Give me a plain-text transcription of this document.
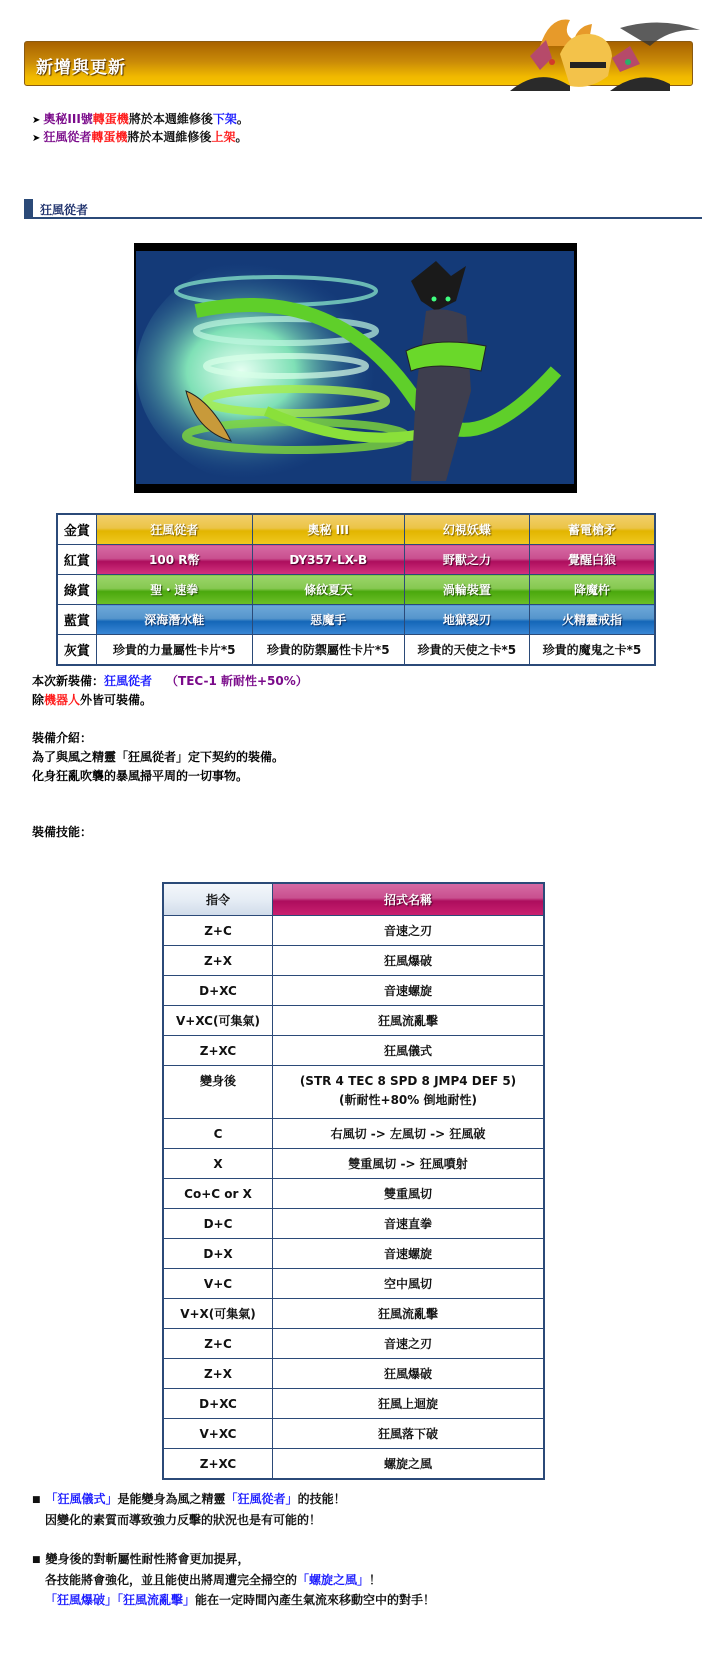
新增與更新
➤ 奧秘III號轉蛋機將於本週維修後下架。
➤ 狂風從者轉蛋機將於本週維修後上架。
狂風從者
金賞	狂風從者	奧秘 III	幻視妖蝶	蓄電槍矛
紅賞	100 R幣	DY357-LX-B	野獸之力	覺醒白狼
綠賞	聖・速拳	條紋夏天	渦輪裝置	降魔杵
藍賞	深海潛水鞋	惡魔手	地獄裂刃	火精靈戒指
灰賞	珍貴的力量屬性卡片*5	珍貴的防禦屬性卡片*5	珍貴的天使之卡*5	珍貴的魔鬼之卡*5
本次新裝備：狂風從者 （TEC-1 斬耐性+50%）
除機器人外皆可裝備。
裝備介紹：
為了與風之精靈「狂風從者」定下契約的裝備。
化身狂亂吹襲的暴風掃平周的一切事物。
裝備技能：
指令	招式名稱
Z+C	音速之刃
Z+X	狂風爆破
D+XC	音速螺旋
V+XC(可集氣)	狂風流亂擊
Z+XC	狂風儀式
變身後	(STR 4 TEC 8 SPD 8 JMP4 DEF 5)
(斬耐性+80% 倒地耐性)

C	右風切 -> 左風切 -> 狂風破
X	雙重風切 -> 狂風噴射
Co+C or X	雙重風切
D+C	音速直拳
D+X	音速螺旋
V+C	空中風切
V+X(可集氣)	狂風流亂擊
Z+C	音速之刃
Z+X	狂風爆破
D+XC	狂風上迴旋
V+XC	狂風落下破
Z+XC	螺旋之風
■ 「狂風儀式」是能變身為風之精靈「狂風從者」的技能！
因變化的素質而導致強力反擊的狀況也是有可能的！
■ 變身後的對斬屬性耐性將會更加提昇，
各技能將會強化，並且能使出將周遭完全掃空的「螺旋之風」！
「狂風爆破」「狂風流亂擊」能在一定時間內產生氣流來移動空中的對手！
